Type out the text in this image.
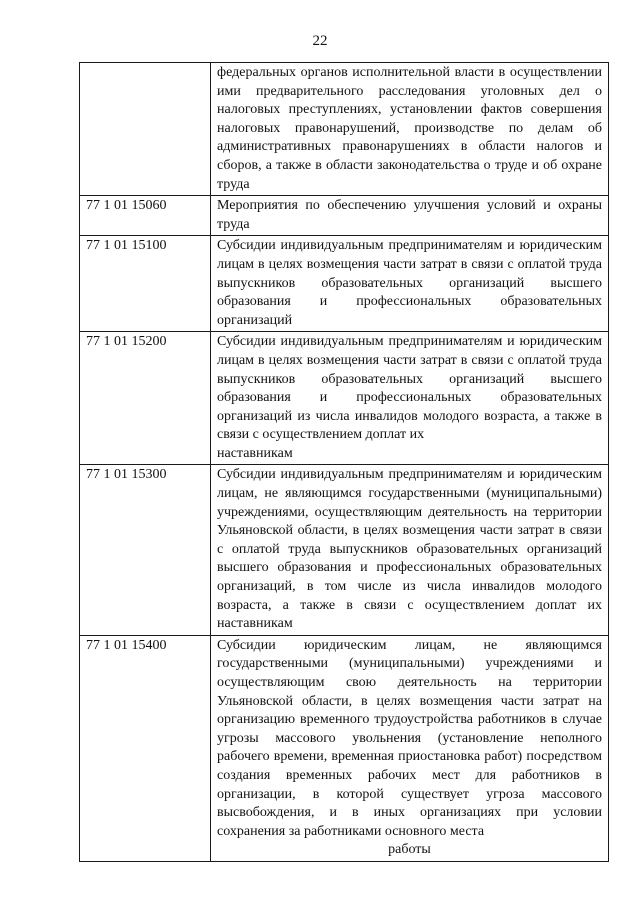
22

	федеральных органов исполнительной власти в осуществлении ими предварительного расследования уголовных дел о налоговых преступлениях, установлении фактов совершения налоговых правонарушений, производстве по делам об административных правонарушениях в области налогов и сборов, а также в области законодательства о труде и об охране труда

77 1 01 15060	Мероприятия по обеспечению улучшения условий и охраны труда

77 1 01 15100	Субсидии индивидуальным предпринимателям и юридическим лицам в целях возмещения части затрат в связи с оплатой труда выпускников образовательных организаций высшего образования и профессиональных образовательных организаций

77 1 01 15200	Субсидии индивидуальным предпринимателям и юридическим лицам в целях возмещения части затрат в связи с оплатой труда выпускников образовательных организаций высшего образования и профессиональных образовательных организаций из числа инвалидов молодого возраста, а также в связи с осуществлением доплат их
наставникам

77 1 01 15300	Субсидии индивидуальным предпринимателям и юридическим лицам, не являющимся государственными (муниципальными) учреждениями, осуществляющим деятельность на территории Ульяновской области, в целях возмещения части затрат в связи с оплатой труда выпускников образовательных организаций высшего образования и профессиональных образовательных организаций, в том числе из числа инвалидов молодого возраста, а также в связи с осуществлением доплат их наставникам

77 1 01 15400	Субсидии юридическим лицам, не являющимся государственными (муниципальными) учреждениями и осуществляющим свою деятельность на территории Ульяновской области, в целях возмещения части затрат на организацию временного трудоустройства работников в случае угрозы массового увольнения (установление неполного рабочего времени, временная приостановка работ) посредством создания временных рабочих мест для работников в организации, в которой существует угроза массового высвобождения, и в иных организациях при условии сохранения за работниками основного места
работы
